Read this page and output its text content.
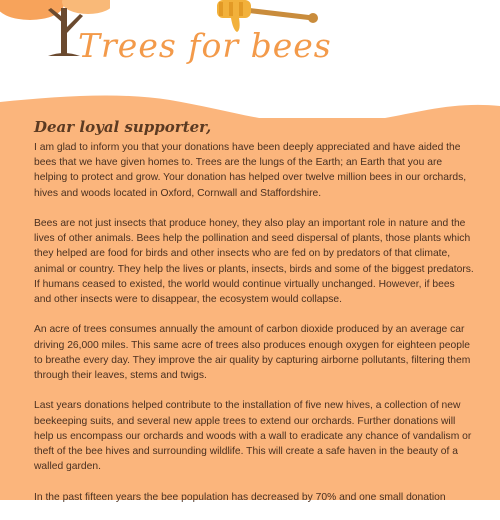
Trees for bees
Dear loyal supporter,

I am glad to inform you that your donations have been deeply appreciated and have aided the bees that we have given homes to. Trees are the lungs of the Earth; an Earth that you are helping to protect and grow. Your donation has helped over twelve million bees in our orchards, hives and woods located in Oxford, Cornwall and Staffordshire.

Bees are not just insects that produce honey, they also play an important role in nature and the lives of other animals. Bees help the pollination and seed dispersal of plants, those plants which they helped are food for birds and other insects who are fed on by predators of that climate, animal or country. They help the lives or plants, insects, birds and some of the biggest predators. If humans ceased to existed, the world would continue virtually unchanged. However, if bees and other insects were to disappear, the ecosystem would collapse.

An acre of trees consumes annually the amount of carbon dioxide produced by an average car driving 26,000 miles. This same acre of trees also produces enough oxygen for eighteen people to breathe every day. They improve the air quality by capturing airborne pollutants, filtering them through their leaves, stems and twigs.

Last years donations helped contribute to the installation of five new hives, a collection of new beekeeping suits, and several new apple trees to extend our orchards. Further donations will help us encompass our orchards and woods with a wall to eradicate any chance of vandalism or theft of the bee hives and surrounding wildlife. This will create a safe haven in the beauty of a walled garden.

In the past fifteen years the bee population has decreased by 70% and one small donation
